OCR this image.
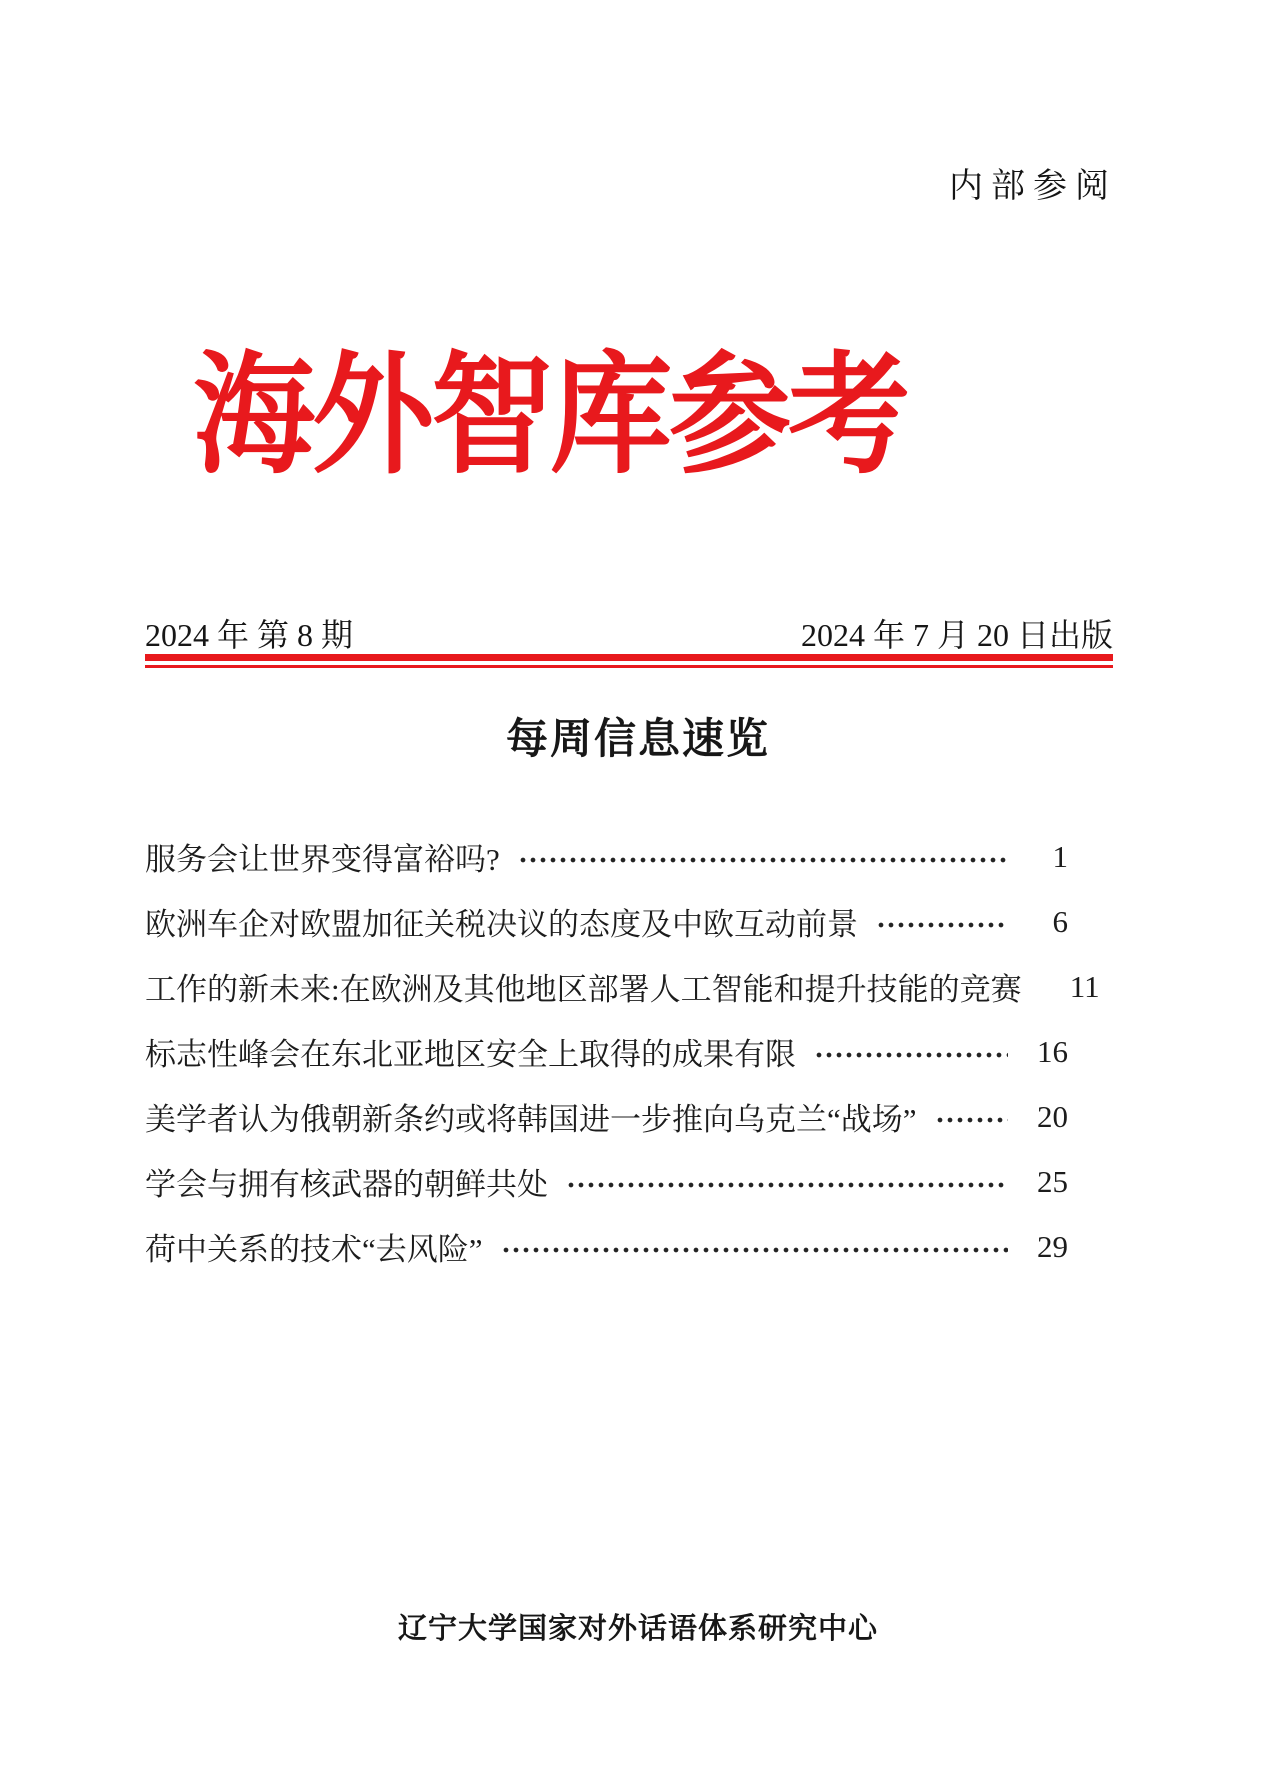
内部参阅
海外智库参考
2024 年 第 8 期	2024 年 7 月 20 日出版
每周信息速览
服务会让世界变得富裕吗?	1
欧洲车企对欧盟加征关税决议的态度及中欧互动前景	6
工作的新未来:在欧洲及其他地区部署人工智能和提升技能的竞赛	11
标志性峰会在东北亚地区安全上取得的成果有限	16
美学者认为俄朝新条约或将韩国进一步推向乌克兰“战场”	20
学会与拥有核武器的朝鲜共处	25
荷中关系的技术“去风险”	29
辽宁大学国家对外话语体系研究中心
